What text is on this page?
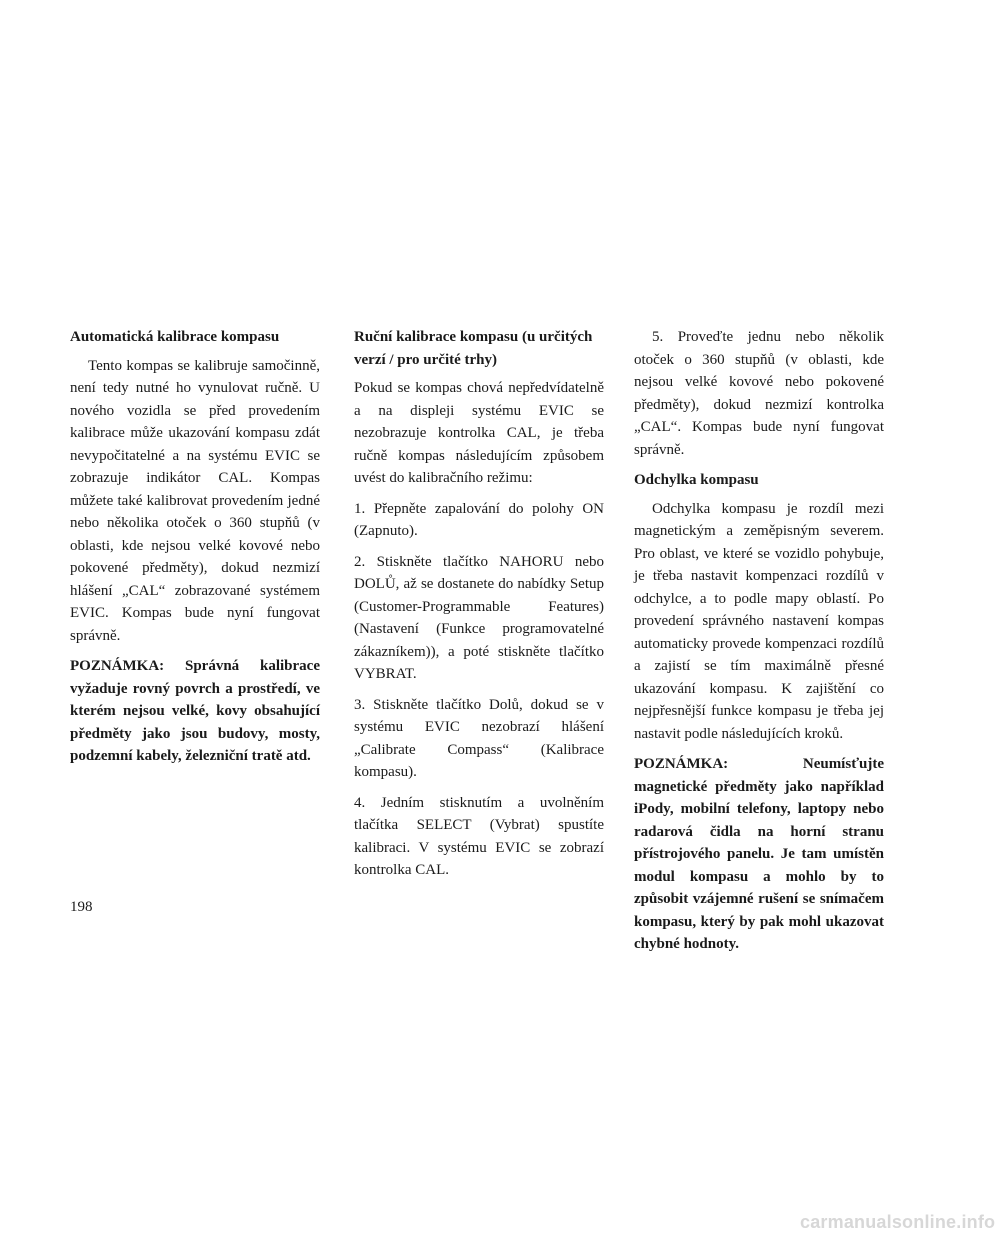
Automatická kalibrace kompasu
Tento kompas se kalibruje samočinně, není tedy nutné ho vynulovat ručně. U nového vozidla se před provedením kalibrace může ukazování kompasu zdát nevypočitatelné a na systému EVIC se zobrazuje indikátor CAL. Kompas můžete také kalibrovat provedením jedné nebo několika otoček o 360 stupňů (v oblasti, kde nejsou velké kovové nebo pokovené předměty), dokud nezmizí hlášení „CAL“ zobrazované systémem EVIC. Kompas bude nyní fungovat správně.
POZNÁMKA: Správná kalibrace vyžaduje rovný povrch a prostředí, ve kterém nejsou velké, kovy obsahující předměty jako jsou budovy, mosty, podzemní kabely, železniční tratě atd.
Ruční kalibrace kompasu (u určitých verzí / pro určité trhy)
Pokud se kompas chová nepředvídatelně a na displeji systému EVIC se nezobrazuje kontrolka CAL, je třeba ručně kompas následujícím způsobem uvést do kalibračního režimu:
1. Přepněte zapalování do polohy ON (Zapnuto).
2. Stiskněte tlačítko NAHORU nebo DOLŮ, až se dostanete do nabídky Setup (Customer-Programmable Features) (Nastavení (Funkce programovatelné zákazníkem)), a poté stiskněte tlačítko VYBRAT.
3. Stiskněte tlačítko Dolů, dokud se v systému EVIC nezobrazí hlášení „Calibrate Compass“ (Kalibrace kompasu).
4. Jedním stisknutím a uvolněním tlačítka SELECT (Vybrat) spustíte kalibraci. V systému EVIC se zobrazí kontrolka CAL.
5. Proveďte jednu nebo několik otoček o 360 stupňů (v oblasti, kde nejsou velké kovové nebo pokovené předměty), dokud nezmizí kontrolka „CAL“. Kompas bude nyní fungovat správně.
Odchylka kompasu
Odchylka kompasu je rozdíl mezi magnetickým a zeměpisným severem. Pro oblast, ve které se vozidlo pohybuje, je třeba nastavit kompenzaci rozdílů v odchylce, a to podle mapy oblastí. Po provedení správného nastavení kompas automaticky provede kompenzaci rozdílů a zajistí se tím maximálně přesné ukazování kompasu. K zajištění co nejpřesnější funkce kompasu je třeba jej nastavit podle následujících kroků.
POZNÁMKA: Neumísťujte magnetické předměty jako například iPody, mobilní telefony, laptopy nebo radarová čidla na horní stranu přístrojového panelu. Je tam umístěn modul kompasu a mohlo by to způsobit vzájemné rušení se snímačem kompasu, který by pak mohl ukazovat chybné hodnoty.
198
carmanualsonline.info
